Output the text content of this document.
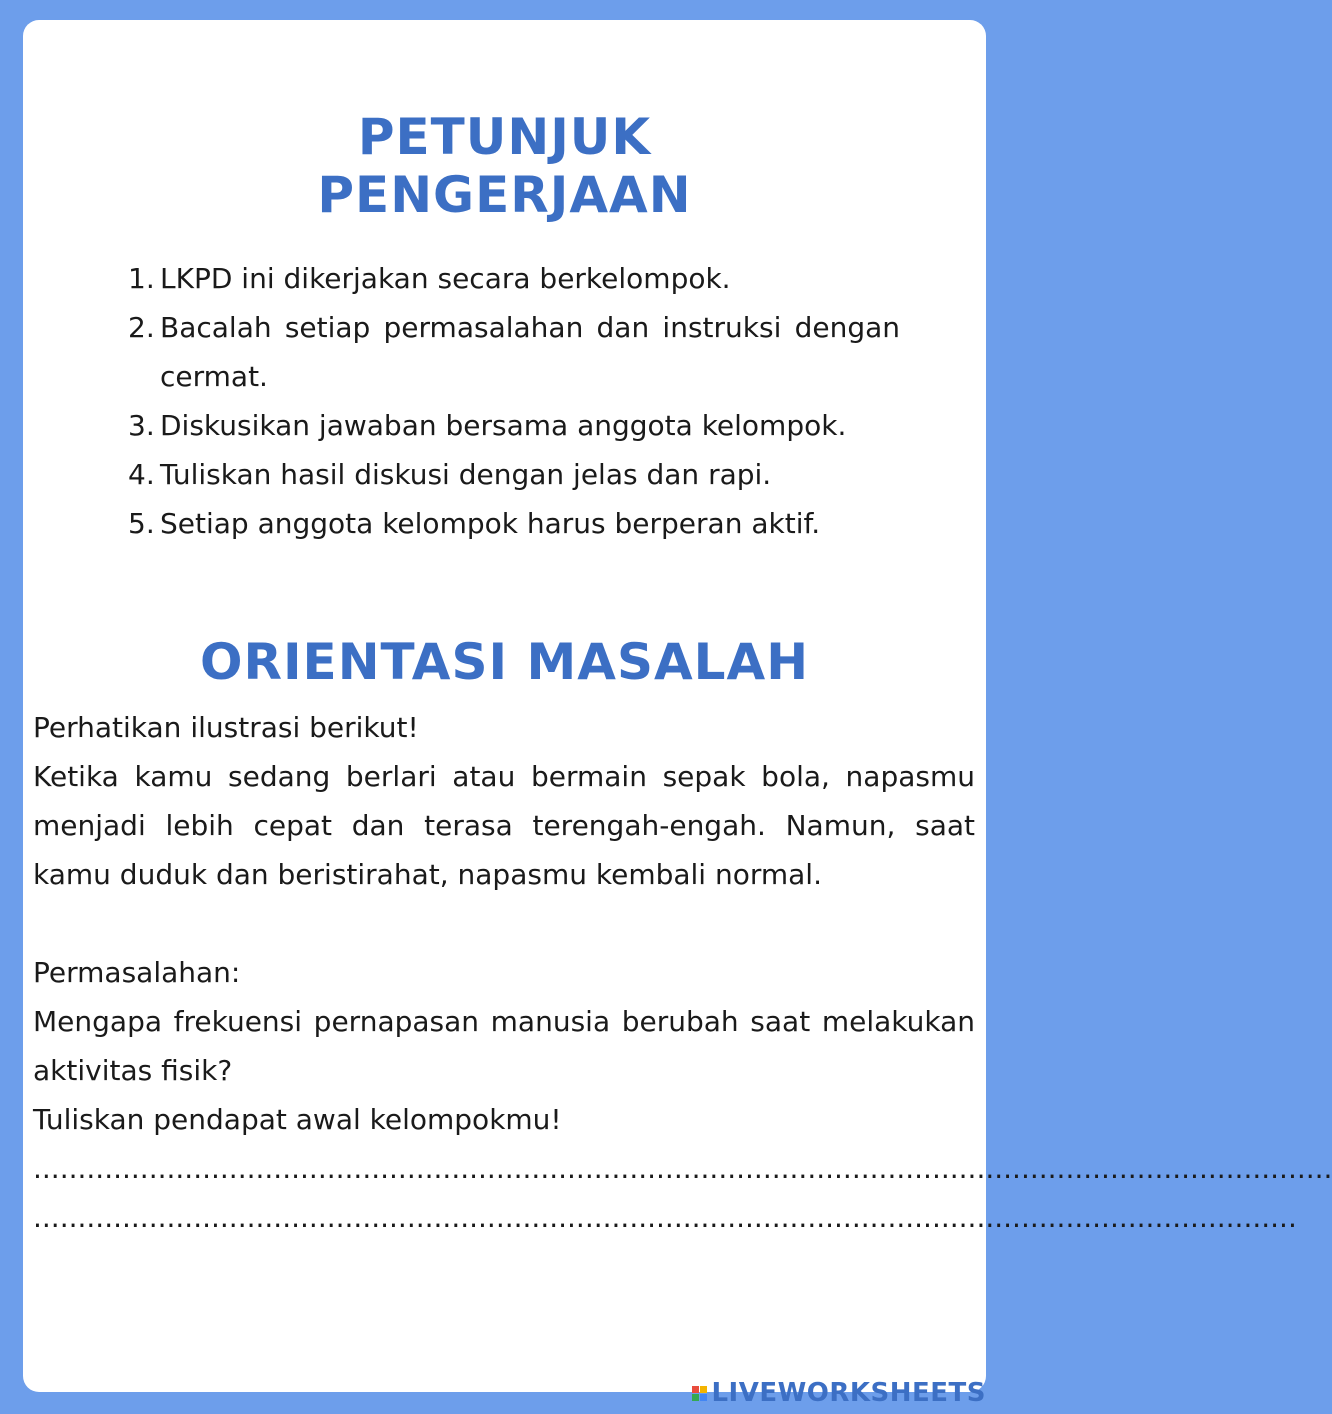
PETUNJUK
PENGERJAAN
1. LKPD ini dikerjakan secara berkelompok.
2. Bacalah setiap permasalahan dan instruksi dengan cermat.
3. Diskusikan jawaban bersama anggota kelompok.
4. Tuliskan hasil diskusi dengan jelas dan rapi.
5. Setiap anggota kelompok harus berperan aktif.
ORIENTASI MASALAH

Perhatikan ilustrasi berikut!

Ketika kamu sedang berlari atau bermain sepak bola, napasmu menjadi lebih cepat dan terasa terengah-engah. Namun, saat kamu duduk dan beristirahat, napasmu kembali normal.

Permasalahan:

Mengapa frekuensi pernapasan manusia berubah saat melakukan aktivitas fisik?

Tuliskan pendapat awal kelompokmu!

..................................................................................................................................................
..............................................................................................................................................
LIVEWORKSHEETS
